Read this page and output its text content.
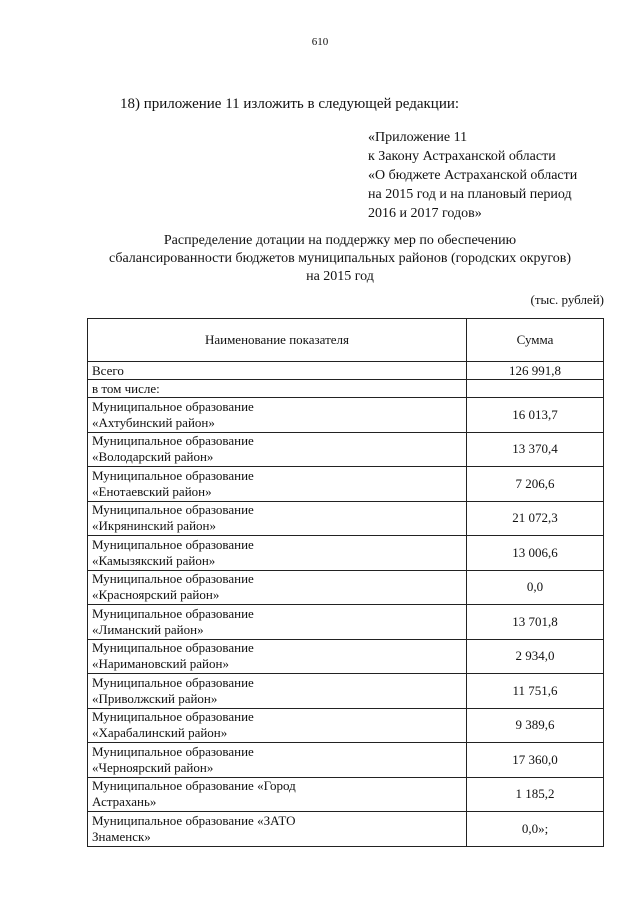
610
18) приложение 11 изложить в следующей редакции:
«Приложение 11
к Закону Астраханской области
«О бюджете Астраханской области
на 2015 год и на плановый период
2016 и 2017 годов»
Распределение дотации на поддержку мер по обеспечению
сбалансированности бюджетов муниципальных районов (городских округов)
на 2015 год
(тыс. рублей)
Наименование показателя	Сумма
Всего	126 991,8
в том числе:	

Муниципальное образование
«Ахтубинский район»	16 013,7

Муниципальное образование
«Володарский район»	13 370,4

Муниципальное образование
«Енотаевский район»	7 206,6

Муниципальное образование
«Икрянинский район»	21 072,3

Муниципальное образование
«Камызякский район»	13 006,6

Муниципальное образование
«Красноярский район»	0,0

Муниципальное образование
«Лиманский район»	13 701,8

Муниципальное образование
«Наримановский район»	2 934,0

Муниципальное образование
«Приволжский район»	11 751,6

Муниципальное образование
«Харабалинский район»	9 389,6

Муниципальное образование
«Черноярский район»	17 360,0

Муниципальное образование «Город
Астрахань»	1 185,2

Муниципальное образование «ЗАТО
Знаменск»	0,0»;
